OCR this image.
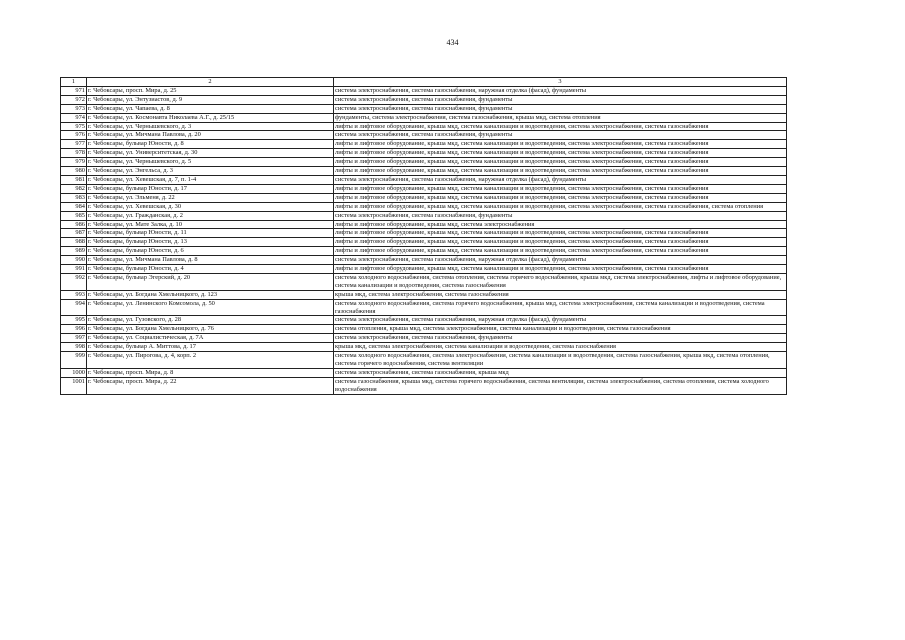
434
1	2	3
971	г. Чебоксары, просп. Мира, д. 25	система электроснабжения, система газоснабжения, наружная отделка (фасад), фундаменты
972	г. Чебоксары, ул. Энтузиастов, д. 9	система электроснабжения, система газоснабжения, фундаменты
973	г. Чебоксары, ул. Чапаева, д. 8	система электроснабжения, система газоснабжения, фундаменты
974	г. Чебоксары, ул. Космонавта Николаева А.Г., д. 25/15	фундаменты, система электроснабжения, система газоснабжения, крыша мкд, система отопления
975	г. Чебоксары, ул. Чернышевского, д. 3	лифты и лифтовое оборудование, крыша мкд, система канализации и водоотведения, система электроснабжения, система газоснабжения
976	г. Чебоксары, ул. Мичмана Павлова, д. 20	система электроснабжения, система газоснабжения, фундаменты
977	г. Чебоксары, бульвар Юности, д. 8	лифты и лифтовое оборудование, крыша мкд, система канализации и водоотведения, система электроснабжения, система газоснабжения
978	г. Чебоксары, ул. Университетская, д. 30	лифты и лифтовое оборудование, крыша мкд, система канализации и водоотведения, система электроснабжения, система газоснабжения
979	г. Чебоксары, ул. Чернышевского, д. 5	лифты и лифтовое оборудование, крыша мкд, система канализации и водоотведения, система электроснабжения, система газоснабжения
980	г. Чебоксары, ул. Энгельса, д. 3	лифты и лифтовое оборудование, крыша мкд, система канализации и водоотведения, система электроснабжения, система газоснабжения
981	г. Чебоксары, ул. Хевешская, д. 7, п. 1-4	система электроснабжения, система газоснабжения, наружная отделка (фасад), фундаменты
982	г. Чебоксары, бульвар Юности, д. 17	лифты и лифтовое оборудование, крыша мкд, система канализации и водоотведения, система электроснабжения, система газоснабжения
983	г. Чебоксары, ул. Эльменя, д. 22	лифты и лифтовое оборудование, крыша мкд, система канализации и водоотведения, система электроснабжения, система газоснабжения
984	г. Чебоксары, ул. Хевешская, д. 30	лифты и лифтовое оборудование, крыша мкд, система канализации и водоотведения, система электроснабжения, система газоснабжения, система отопления
985	г. Чебоксары, ул. Гражданская, д. 2	система электроснабжения, система газоснабжения, фундаменты
986	г. Чебоксары, ул. Мате Залка, д. 10	лифты и лифтовое оборудование, крыша мкд, система электроснабжения
987	г. Чебоксары, бульвар Юности, д. 11	лифты и лифтовое оборудование, крыша мкд, система канализации и водоотведения, система электроснабжения, система газоснабжения
988	г. Чебоксары, бульвар Юности, д. 13	лифты и лифтовое оборудование, крыша мкд, система канализации и водоотведения, система электроснабжения, система газоснабжения
989	г. Чебоксары, бульвар Юности, д. 6	лифты и лифтовое оборудование, крыша мкд, система канализации и водоотведения, система электроснабжения, система газоснабжения
990	г. Чебоксары, ул. Мичмана Павлова, д. 8	система электроснабжения, система газоснабжения, наружная отделка (фасад), фундаменты
991	г. Чебоксары, бульвар Юности, д. 4	лифты и лифтовое оборудование, крыша мкд, система канализации и водоотведения, система электроснабжения, система газоснабжения
992	г. Чебоксары, бульвар Эгерский, д. 20	система холодного водоснабжения, система отопления, система горячего водоснабжения, крыша мкд, система электроснабжения, лифты и лифтовое оборудование, система канализации и водоотведения, система газоснабжения
993	г. Чебоксары, ул. Богдана Хмельницкого, д. 123	крыша мкд, система электроснабжения, система газоснабжения
994	г. Чебоксары, ул. Ленинского Комсомола, д. 50	система холодного водоснабжения, система горячего водоснабжения, крыша мкд, система электроснабжения, система канализации и водоотведения, система газоснабжения
995	г. Чебоксары, ул. Гузовского, д. 28	система электроснабжения, система газоснабжения, наружная отделка (фасад), фундаменты
996	г. Чебоксары, ул. Богдана Хмельницкого, д. 76	система отопления, крыша мкд, система электроснабжения, система канализации и водоотведения, система газоснабжения
997	г. Чебоксары, ул. Социалистическая, д. 7А	система электроснабжения, система газоснабжения, фундаменты
998	г. Чебоксары, бульвар А. Миттова, д. 17	крыша мкд, система электроснабжения, система канализации и водоотведения, система газоснабжения
999	г. Чебоксары, ул. Пирогова, д. 4, корп. 2	система холодного водоснабжения, система электроснабжения, система канализации и водоотведения, система газоснабжения, крыша мкд, система отопления, система горячего водоснабжения, система вентиляции
1000	г. Чебоксары, просп. Мира, д. 8	система электроснабжения, система газоснабжения, крыша мкд
1001	г. Чебоксары, просп. Мира, д. 22	система газоснабжения, крыша мкд, система горячего водоснабжения, система вентиляции, система электроснабжения, система отопления, система холодного водоснабжения
